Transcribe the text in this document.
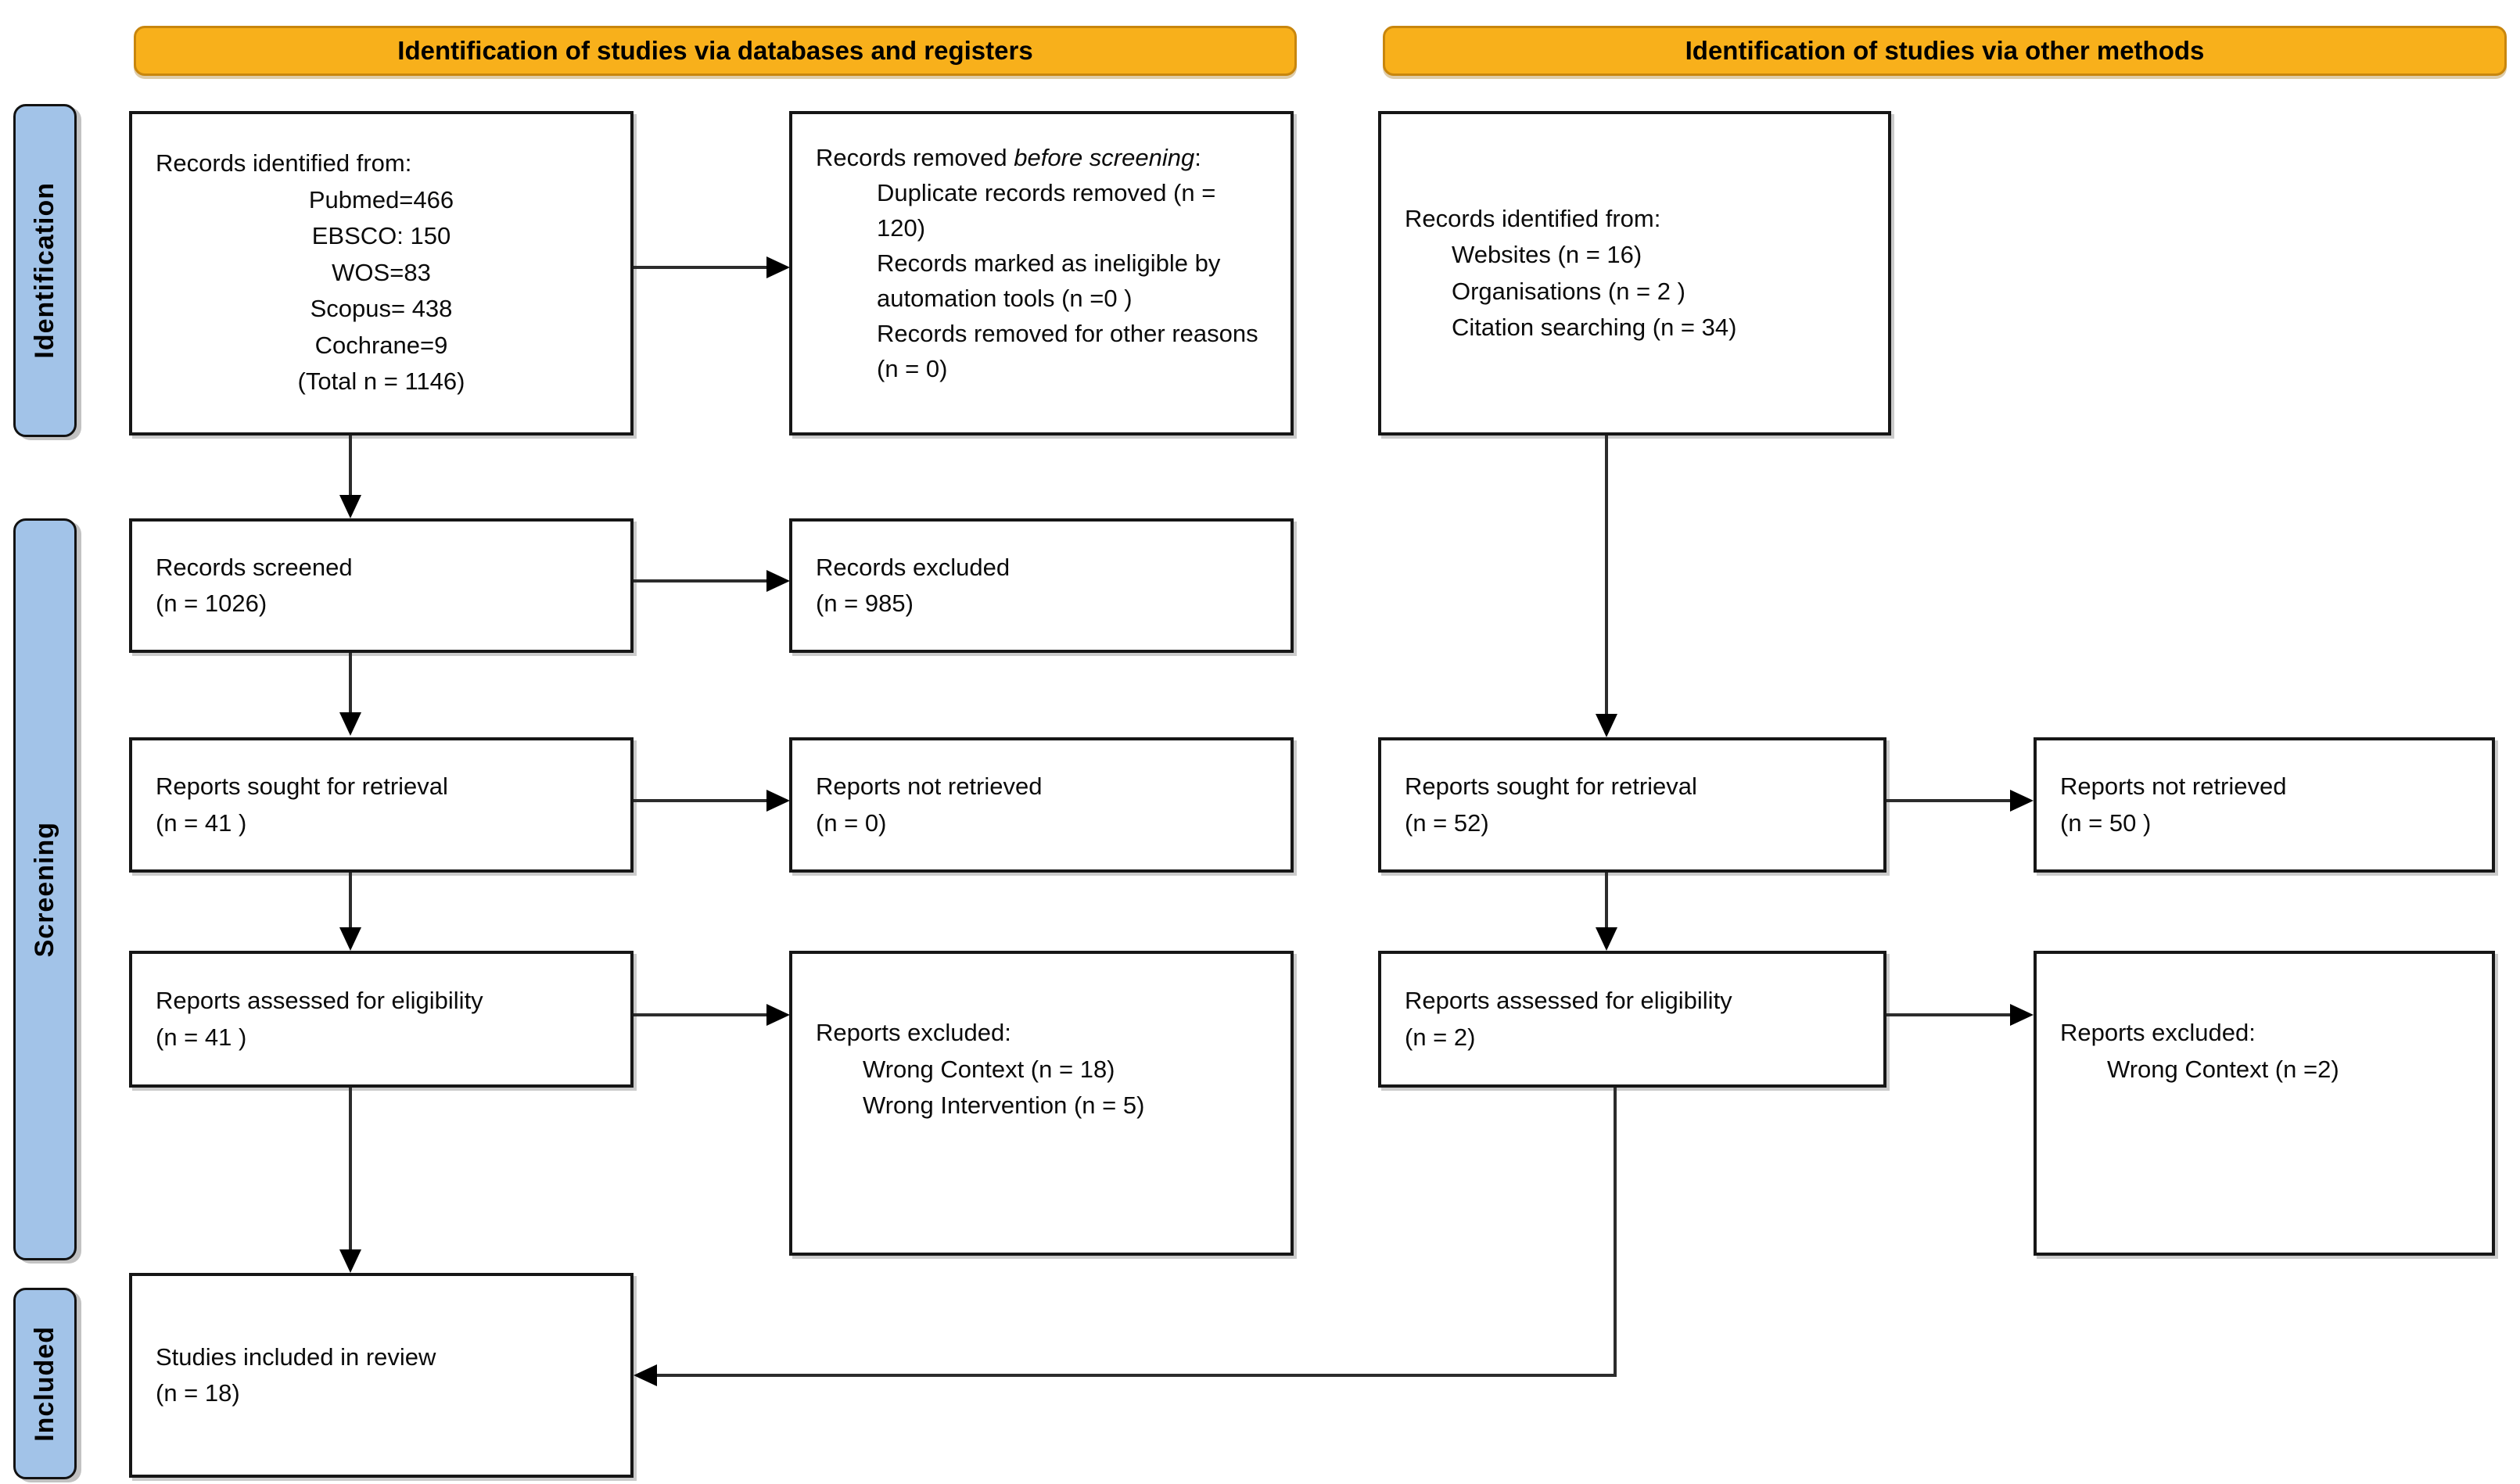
Identification of studies via databases and registers	Identification of studies via other methods
Identification
Screening
Included
Records identified from:
Pubmed=466
EBSCO: 150
WOS=83
Scopus= 438
Cochrane=9
(Total n = 1146)
Records removed before screening:
Duplicate records removed (n = 120)
Records marked as ineligible by automation tools (n =0 )
Records removed for other reasons (n = 0)
Records screened
(n = 1026)
Records excluded
(n = 985)
Reports sought for retrieval
(n = 41 )
Reports not retrieved
(n = 0)
Reports assessed for eligibility
(n = 41 )	Reports excluded:
Wrong Context (n = 18)
Wrong Intervention (n = 5)
Studies included in review
(n = 18)
Records identified from:
Websites (n = 16)
Organisations (n = 2 )
Citation searching (n = 34)
Reports sought for retrieval
(n = 52)
Reports not retrieved
(n = 50 )
Reports assessed for eligibility
(n = 2)	Reports excluded:
Wrong Context (n =2)
